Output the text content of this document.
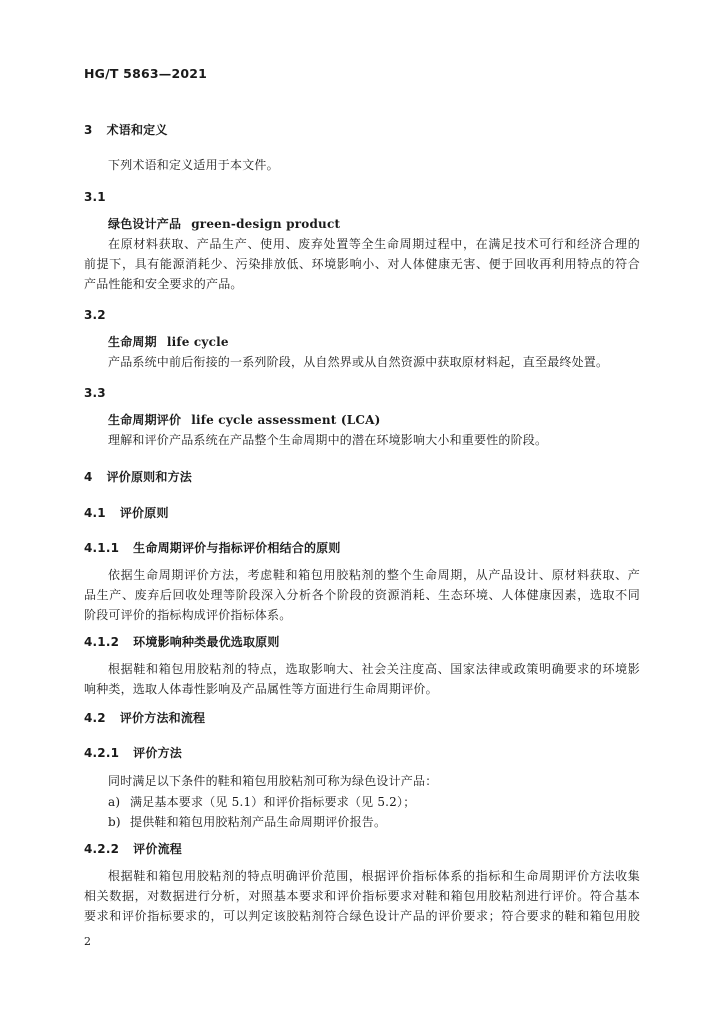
HG/T 5863—2021

3 术语和定义

下列术语和定义适用于本文件。

3.1

绿色设计产品 green-design product

在原材料获取、产品生产、使用、废弃处置等全生命周期过程中，在满足技术可行和经济合理的

前提下，具有能源消耗少、污染排放低、环境影响小、对人体健康无害、便于回收再利用特点的符合

产品性能和安全要求的产品。

3.2

生命周期 life cycle

产品系统中前后衔接的一系列阶段，从自然界或从自然资源中获取原材料起，直至最终处置。

3.3

生命周期评价 life cycle assessment (LCA)

理解和评价产品系统在产品整个生命周期中的潜在环境影响大小和重要性的阶段。

4 评价原则和方法

4.1 评价原则

4.1.1 生命周期评价与指标评价相结合的原则

依据生命周期评价方法，考虑鞋和箱包用胶粘剂的整个生命周期，从产品设计、原材料获取、产

品生产、废弃后回收处理等阶段深入分析各个阶段的资源消耗、生态环境、人体健康因素，选取不同

阶段可评价的指标构成评价指标体系。

4.1.2 环境影响种类最优选取原则

根据鞋和箱包用胶粘剂的特点，选取影响大、社会关注度高、国家法律或政策明确要求的环境影

响种类，选取人体毒性影响及产品属性等方面进行生命周期评价。

4.2 评价方法和流程

4.2.1 评价方法

同时满足以下条件的鞋和箱包用胶粘剂可称为绿色设计产品：

a) 满足基本要求（见 5.1）和评价指标要求（见 5.2）；

b) 提供鞋和箱包用胶粘剂产品生命周期评价报告。

4.2.2 评价流程

根据鞋和箱包用胶粘剂的特点明确评价范围，根据评价指标体系的指标和生命周期评价方法收集

相关数据，对数据进行分析，对照基本要求和评价指标要求对鞋和箱包用胶粘剂进行评价。符合基本

要求和评价指标要求的，可以判定该胶粘剂符合绿色设计产品的评价要求；符合要求的鞋和箱包用胶

2
